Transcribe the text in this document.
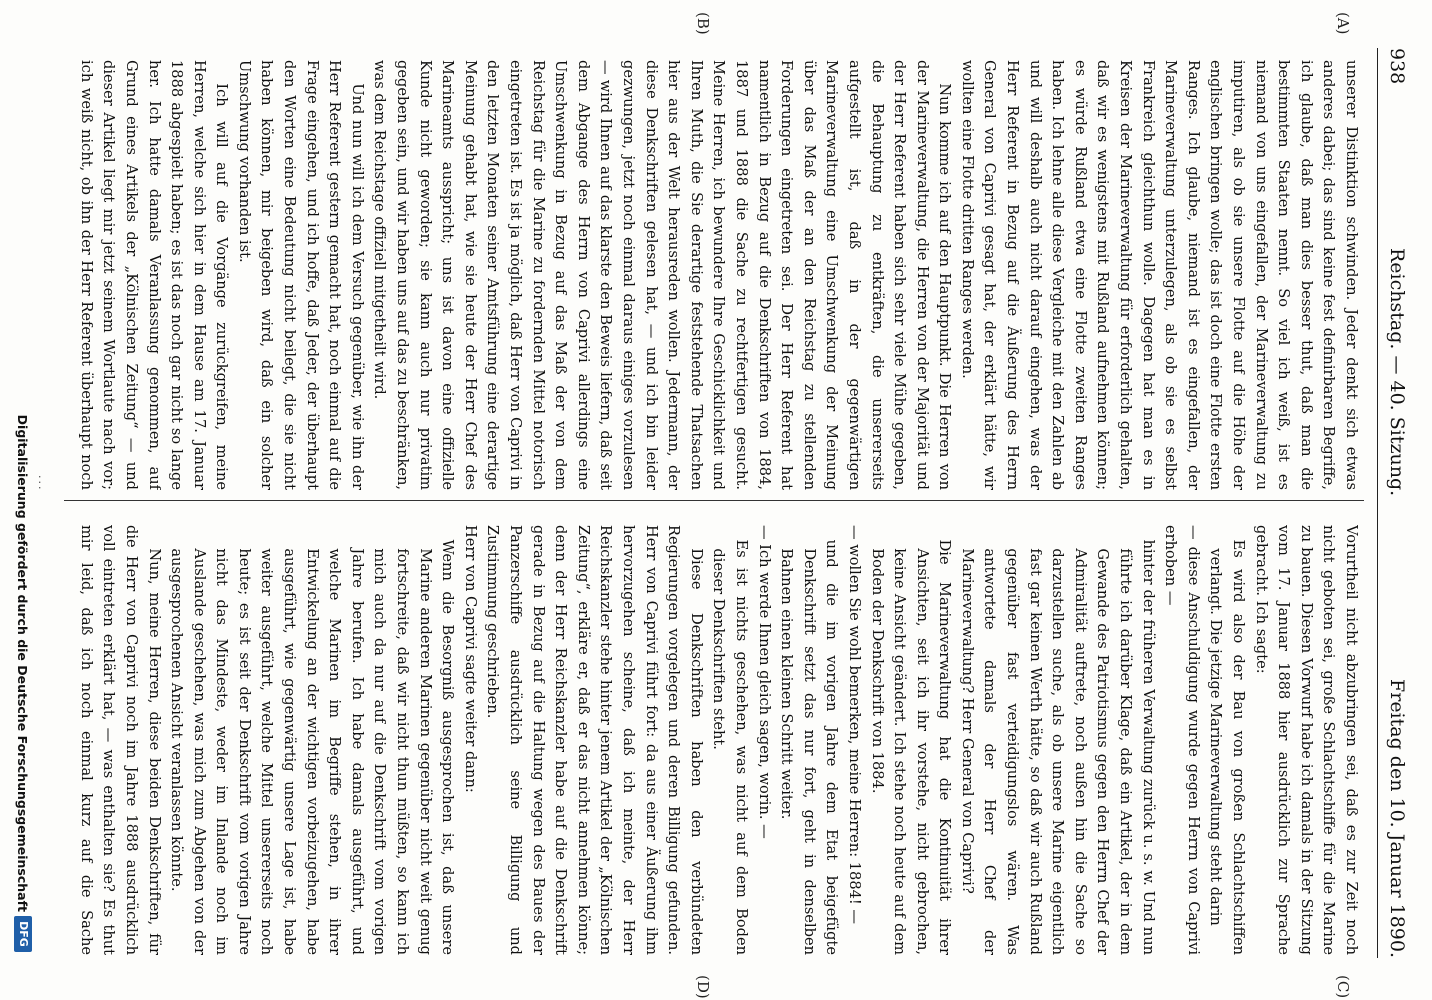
938
Reichstag. — 40. Sitzung.
Freitag den 10. Januar 1890.
(A)
(B)
(C)
(D)

unserer Distinktion schwinden. Jeder denkt sich etwas anderes dabei; das sind keine fest definirbaren Begriffe, ich glaube, daß man dies besser thut, daß man die bestimmten Staaten nennt. So viel ich weiß, ist es niemand von uns eingefallen, der Marineverwaltung zu imputiren, als ob sie unsere Flotte auf die Höhe der englischen bringen wolle; das ist doch eine Flotte ersten Ranges. Ich glaube, niemand ist es eingefallen, der Marineverwaltung unterzulegen, als ob sie es selbst Frankreich gleichthun wolle. Dagegen hat man es in Kreisen der Marineverwaltung für erforderlich gehalten, daß wir es wenigstens mit Rußland aufnehmen können; es würde Rußland etwa eine Flotte zweiten Ranges haben. Ich lehne alle diese Vergleiche mit den Zahlen ab und will deshalb auch nicht darauf eingehen, was der Herr Referent in Bezug auf die Äußerung des Herrn General von Caprivi gesagt hat, der erklärt hätte, wir wollten eine Flotte dritten Ranges werden.

Nun komme ich auf den Hauptpunkt. Die Herren von der Marineverwaltung, die Herren von der Majorität und der Herr Referent haben sich sehr viele Mühe gegeben, die Behauptung zu entkräften, die unsererseits aufgestellt ist, daß in der gegenwärtigen Marineverwaltung eine Umschwenkung der Meinung über das Maß der an den Reichstag zu stellenden Forderungen eingetreten sei. Der Herr Referent hat namentlich in Bezug auf die Denkschriften von 1884, 1887 und 1888 die Sache zu rechtfertigen gesucht. Meine Herren, ich bewundere Ihre Geschicklichkeit und Ihren Muth, die Sie derartige feststehende Thatsachen hier aus der Welt herausreden wollen. Jedermann, der diese Denkschriften gelesen hat, — und ich bin leider gezwungen, jetzt noch einmal daraus einiges vorzulesen — wird Ihnen auf das klarste den Beweis liefern, daß seit dem Abgange des Herrn von Caprivi allerdings eine Umschwenkung in Bezug auf das Maß der von dem Reichstag für die Marine zu fordernden Mittel notorisch eingetreten ist. Es ist ja möglich, daß Herr von Caprivi in den letzten Monaten seiner Amtsführung eine derartige Meinung gehabt hat, wie sie heute der Herr Chef des Marineamts ausspricht; uns ist davon eine offizielle Kunde nicht geworden; sie kann auch nur privatim gegeben sein, und wir haben uns auf das zu beschränken, was dem Reichstage offiziell mitgetheilt wird.

Und nun will ich dem Versuch gegenüber, wie ihn der Herr Referent gestern gemacht hat, noch einmal auf die Frage eingehen, und ich hoffe, daß Jeder, der überhaupt den Worten eine Bedeutung nicht beilegt, die sie nicht haben können, mir beigeben wird, daß ein solcher Umschwung vorhanden ist.

Ich will auf die Vorgänge zurückgreifen, meine Herren, welche sich hier in dem Hause am 17. Januar 1888 abgespielt haben; es ist das noch gar nicht so lange her. Ich hatte damals Veranlassung genommen, auf Grund eines Artikels der „Kölnischen Zeitung“ — und dieser Artikel liegt mir jetzt seinem Wortlaute nach vor; ich weiß nicht, ob ihn der Herr Referent überhaupt noch

Vorurtheil nicht abzubringen sei, daß es zur Zeit noch nicht geboten sei, große Schlachtschiffe für die Marine zu bauen. Diesen Vorwurf habe ich damals in der Sitzung vom 17. Januar 1888 hier ausdrücklich zur Sprache gebracht. Ich sagte:

Es wird also der Bau von großen Schlachtschiffen verlangt. Die jetzige Marineverwaltung steht darin

— diese Anschuldigung wurde gegen Herrn von Caprivi erhoben —

hinter der früheren Verwaltung zurück u. s. w. Und nun führte ich darüber Klage, daß ein Artikel, der in dem Gewande des Patriotismus gegen den Herrn Chef der Admiralität auftrete, noch außen hin die Sache so darzustellen suche, als ob unsere Marine eigentlich fast gar keinen Werth hätte, so daß wir auch Rußland gegenüber fast verteidigungslos wären. Was antwortete damals der Herr Chef der Marineverwaltung? Herr General von Caprivi?

Die Marineverwaltung hat die Kontinuität ihrer Ansichten, seit ich ihr vorstehe, nicht gebrochen, keine Ansicht geändert. Ich stehe noch heute auf dem Boden der Denkschrift von 1884.

— wollen Sie wohl bemerken, meine Herren: 1884! —

und die im vorigen Jahre dem Etat beigefügte Denkschrift setzt das nur fort, geht in denselben Bahnen einen kleinen Schritt weiter.

— Ich werde Ihnen gleich sagen, worin. —

Es ist nichts geschehen, was nicht auf dem Boden dieser Denkschriften steht.

Diese Denkschriften haben den verbündeten Regierungen vorgelegen und deren Billigung gefunden. Herr von Caprivi führt fort: da aus einer Äußerung ihm hervorzugehen scheine, daß ich meinte, der Herr Reichskanzler stehe hinter jenem Artikel der „Kölnischen Zeitung“, erkläre er, daß er das nicht annehmen könne; denn der Herr Reichskanzler habe auf die Denkschrift gerade in Bezug auf die Haltung wegen des Baues der Panzerschiffe ausdrücklich seine Billigung und Zustimmung geschrieben.

Herr von Caprivi sagte weiter dann:

Wenn die Besorgniß ausgesprochen ist, daß unsere Marine anderen Marinen gegenüber nicht weit genug fortschreite, daß wir nicht thun müßten, so kann ich mich auch da nur auf die Denkschrift vom vorigen Jahre berufen. Ich habe damals ausgeführt, und welche Marinen im Begriffe stehen, in ihrer Entwickelung an der wichtigen vorbeizugehen, habe ausgeführt, wie gegenwärtig unsere Lage ist, habe weiter ausgeführt, welche Mittel unsererseits noch heute; es ist seit der Denkschrift vom vorigen Jahre nicht das Mindeste, weder im Inlande noch im Auslande geschehen, was mich zum Abgehen von der ausgesprochenen Ansicht veranlassen könnte.

Nun, meine Herren, diese beiden Denkschriften, für die Herr von Caprivi noch im Jahre 1888 ausdrücklich voll eintreten erklärt hat, — was enthalten sie? Es thut mir leid, daß ich noch einmal kurz auf die Sache

···
Digitalisierung gefördert durch die Deutsche Forschungsgemeinschaft
DFG
